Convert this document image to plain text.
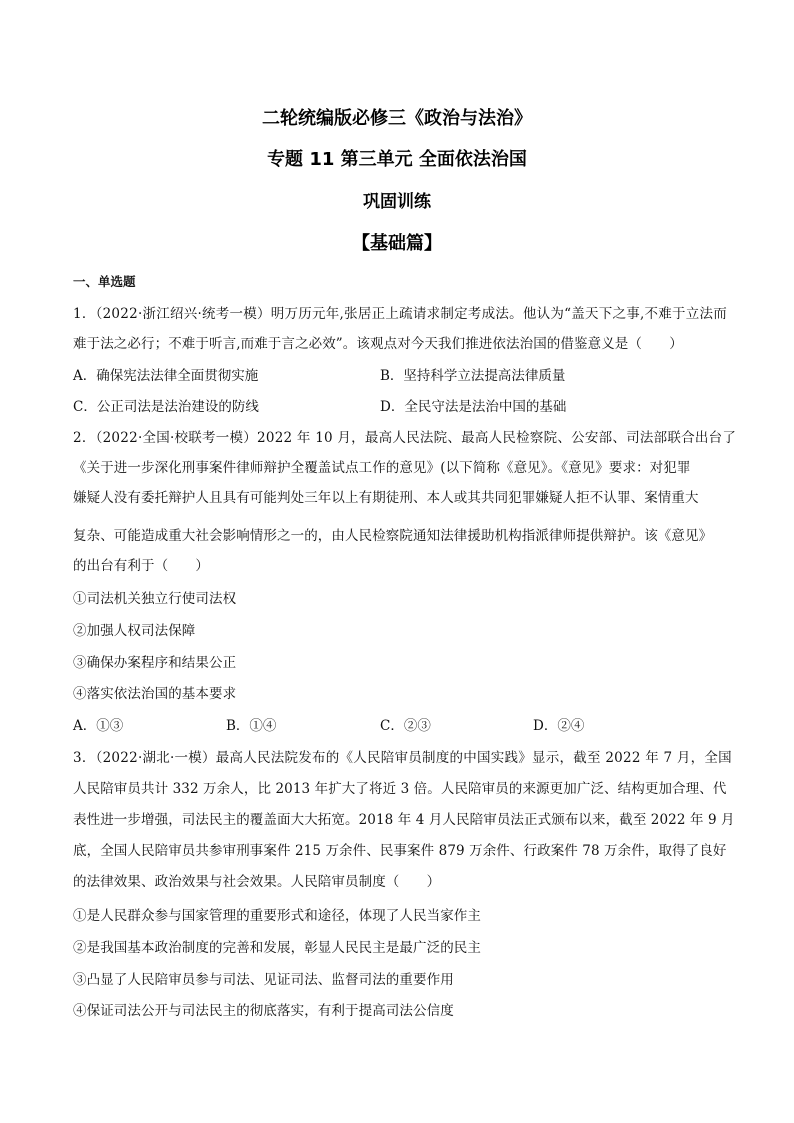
二轮统编版必修三《政治与法治》
专题 11 第三单元 全面依法治国
巩固训练
【基础篇】
一、单选题
1．（2022·浙江绍兴·统考一模）明万历元年,张居正上疏请求制定考成法。他认为“盖天下之事,不难于立法而
难于法之必行；不难于听言,而难于言之必效”。该观点对今天我们推进依法治国的借鉴意义是（　　）
A．确保宪法法律全面贯彻实施	B．坚持科学立法提高法律质量
C．公正司法是法治建设的防线	D．全民守法是法治中国的基础
2．（2022·全国·校联考一模）2022 年 10 月，最高人民法院、最高人民检察院、公安部、司法部联合出台了
《关于进一步深化刑事案件律师辩护全覆盖试点工作的意见》(以下简称《意见》。《意见》要求：对犯罪
嫌疑人没有委托辩护人且具有可能判处三年以上有期徒刑、本人或其共同犯罪嫌疑人拒不认罪、案情重大
复杂、可能造成重大社会影响情形之一的，由人民检察院通知法律援助机构指派律师提供辩护。该《意见》
的出台有利于（　　）
①司法机关独立行使司法权
②加强人权司法保障
③确保办案程序和结果公正
④落实依法治国的基本要求
A．①③	B．①④	C．②③	D．②④
3．（2022·湖北·一模）最高人民法院发布的《人民陪审员制度的中国实践》显示，截至 2022 年 7 月，全国
人民陪审员共计 332 万余人，比 2013 年扩大了将近 3 倍。人民陪审员的来源更加广泛、结构更加合理、代
表性进一步增强，司法民主的覆盖面大大拓宽。2018 年 4 月人民陪审员法正式颁布以来，截至 2022 年 9 月
底，全国人民陪审员共参审刑事案件 215 万余件、民事案件 879 万余件、行政案件 78 万余件，取得了良好
的法律效果、政治效果与社会效果。人民陪审员制度（　　）
①是人民群众参与国家管理的重要形式和途径，体现了人民当家作主
②是我国基本政治制度的完善和发展，彰显人民民主是最广泛的民主
③凸显了人民陪审员参与司法、见证司法、监督司法的重要作用
④保证司法公开与司法民主的彻底落实，有利于提高司法公信度
